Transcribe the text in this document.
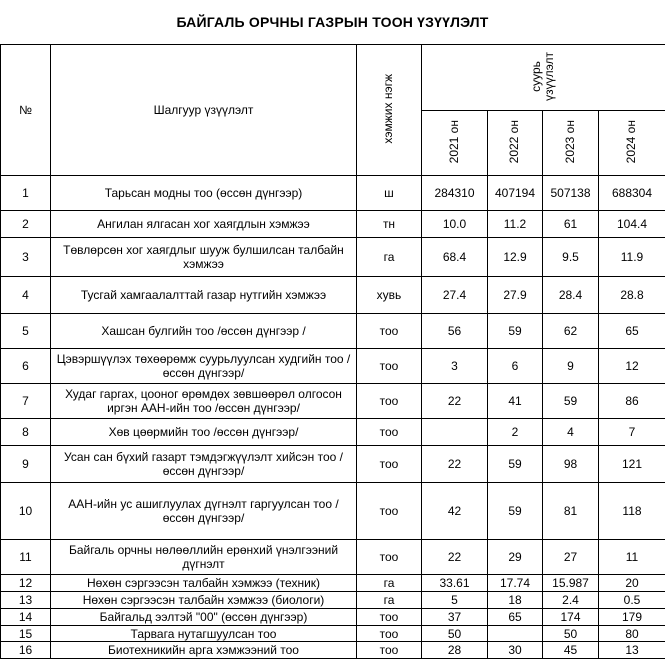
БАЙГАЛЬ ОРЧНЫ ГАЗРЫН ТООН ҮЗҮҮЛЭЛТ
№	Шалгуур үзүүлэлт	хэмжих нэгж	суурь
үзүүлэлт			
			2021 он	2022 он	2023 он	2024 он
1	Тарьсан модны тоо (өссөн дүнгээр)	ш	284310	407194	507138	688304
2	Ангилан ялгасан хог хаягдлын хэмжээ	тн	10.0	11.2	61	104.4
3	Төвлөрсөн хог хаягдлыг шууж булшилсан талбайн хэмжээ	га	68.4	12.9	9.5	11.9
4	Тусгай хамгаалалттай газар нутгийн хэмжээ	хувь	27.4	27.9	28.4	28.8
5	Хашсан булгийн тоо /өссөн дүнгээр /	тоо	56	59	62	65
6	Цэвэршүүлэх төхөөрөмж суурьлуулсан худгийн тоо /өссөн дүнгээр/	тоо	3	6	9	12
7	Худаг гаргах, цооног өрөмдөх зөвшөөрөл олгосон иргэн ААН-ийн тоо /өссөн дүнгээр/	тоо	22	41	59	86
8	Хөв цөөрмийн тоо /өссөн дүнгээр/	тоо		2	4	7
9	Усан сан бүхий газарт тэмдэгжүүлэлт хийсэн тоо /өссөн дүнгээр/	тоо	22	59	98	121
10	ААН-ийн ус ашиглуулах дүгнэлт гаргуулсан тоо /өссөн дүнгээр/	тоо	42	59	81	118
11	Байгаль орчны нөлөөллийн ерөнхий үнэлгээний дүгнэлт	тоо	22	29	27	11
12	Нөхөн сэргээсэн талбайн хэмжээ (техник)	га	33.61	17.74	15.987	20
13	Нөхөн сэргээсэн талбайн хэмжээ (биологи)	га	5	18	2.4	0.5
14	Байгальд ээлтэй "00" (өссөн дүнгээр)	тоо	37	65	174	179
15	Тарвага нутагшуулсан тоо	тоо	50		50	80
16	Биотехникийн арга хэмжээний тоо	тоо	28	30	45	13
